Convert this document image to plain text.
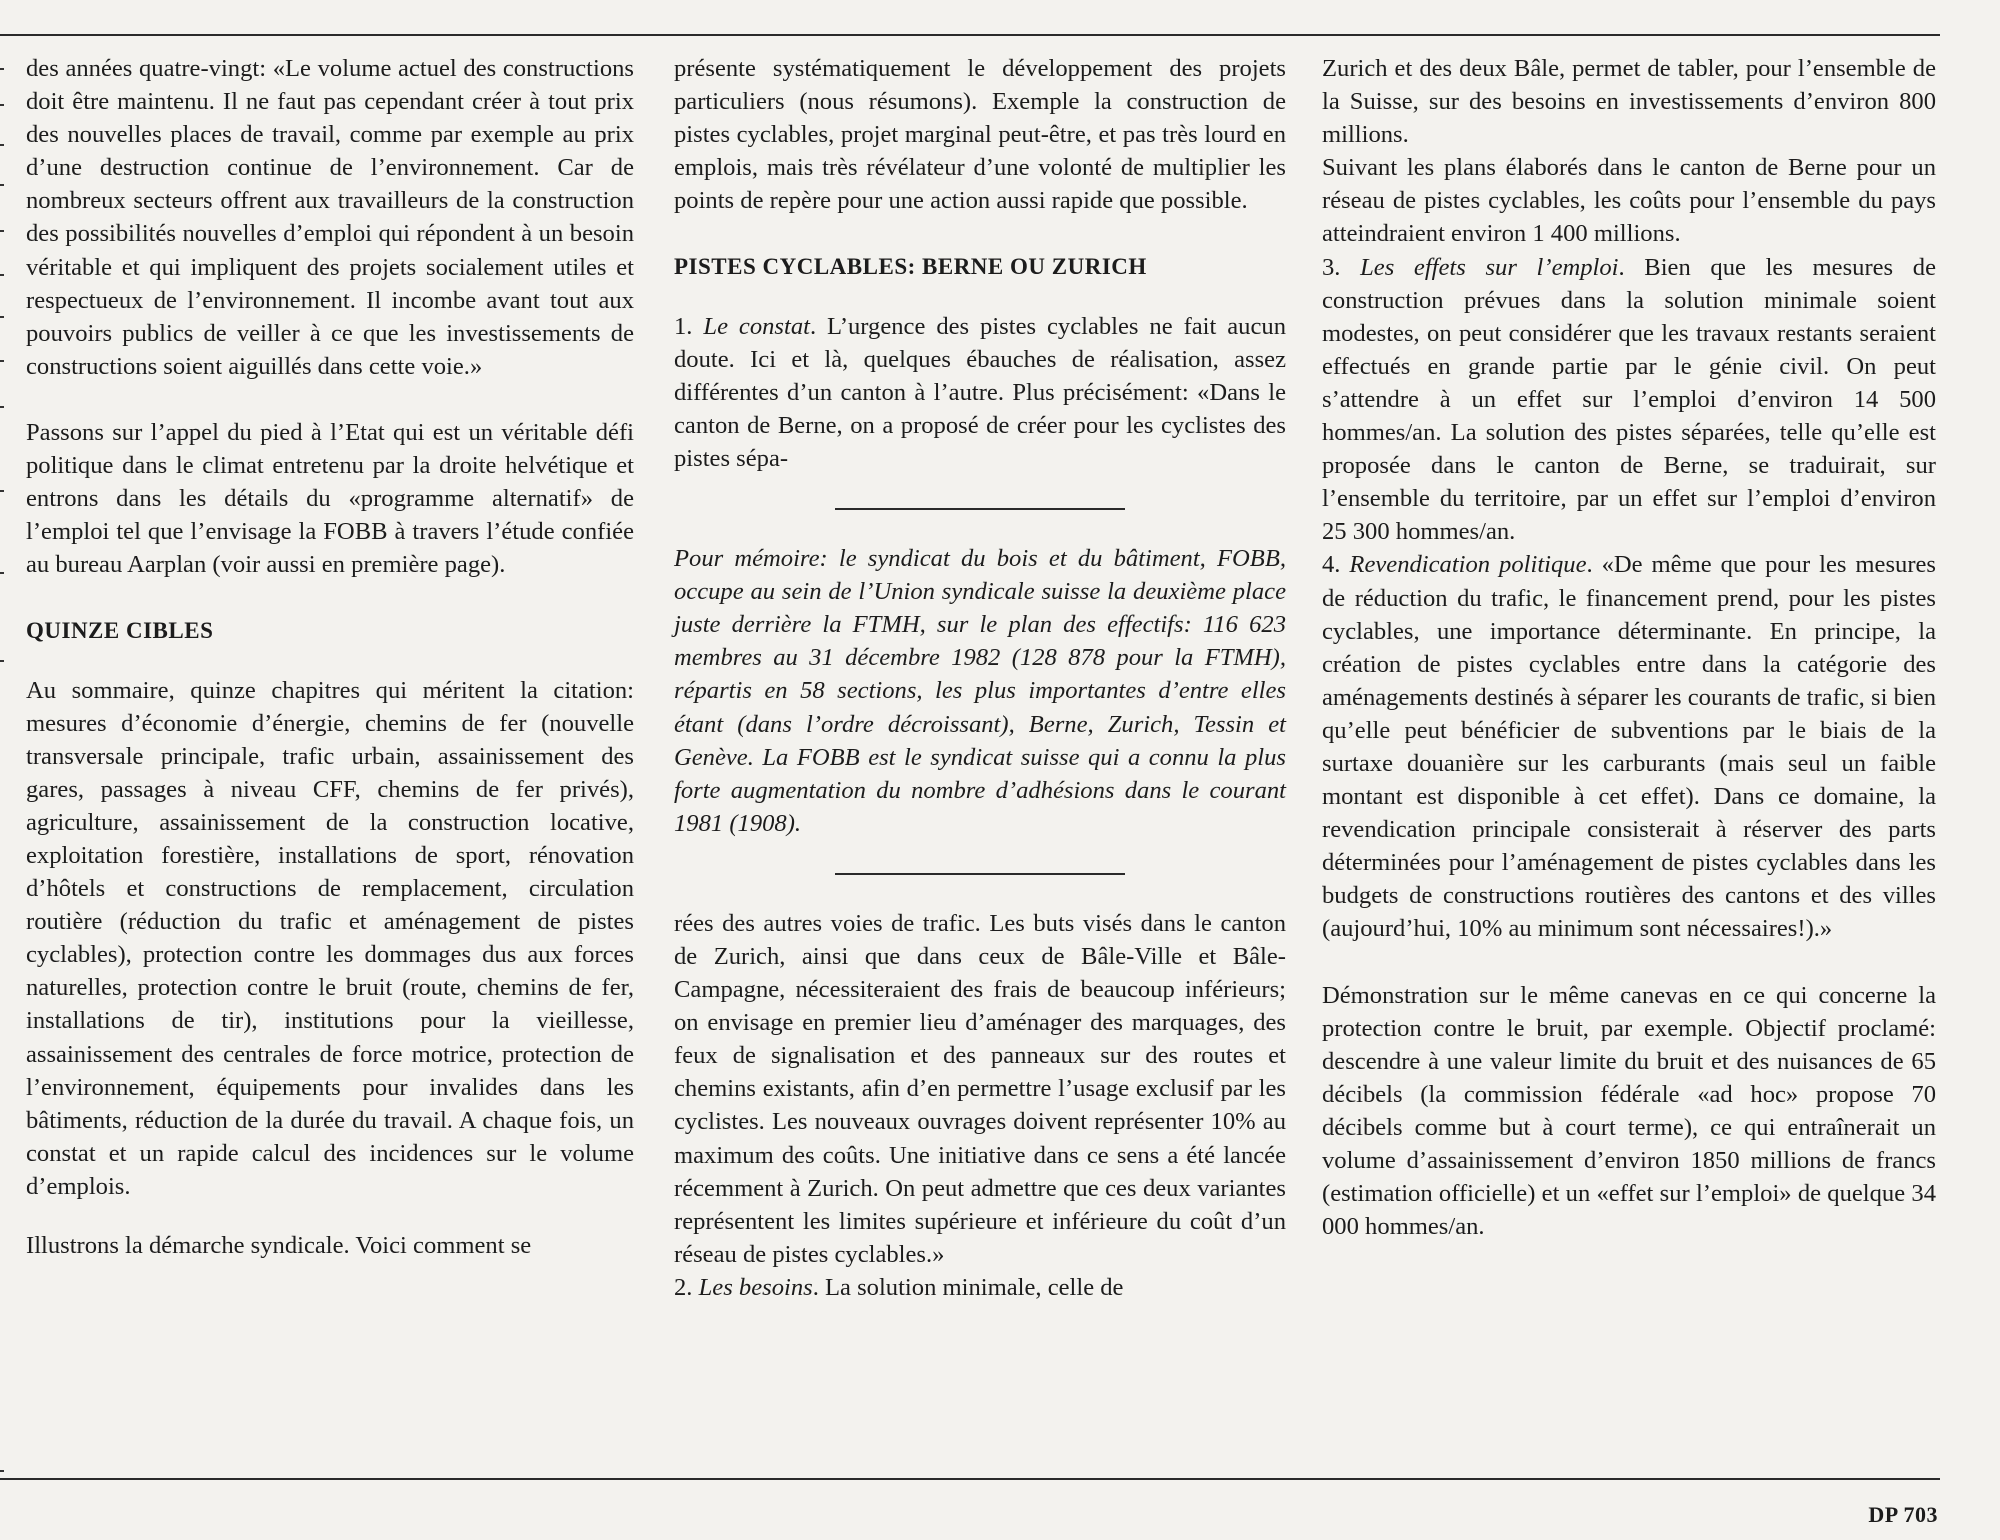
des années quatre-vingt: «Le volume actuel des constructions doit être maintenu. Il ne faut pas cependant créer à tout prix des nouvelles places de travail, comme par exemple au prix d’une destruction continue de l’environnement. Car de nombreux secteurs offrent aux travailleurs de la construction des possibilités nouvelles d’emploi qui répondent à un besoin véritable et qui impliquent des projets socialement utiles et respectueux de l’environnement. Il incombe avant tout aux pouvoirs publics de veiller à ce que les investissements de constructions soient aiguillés dans cette voie.»

Passons sur l’appel du pied à l’Etat qui est un véritable défi politique dans le climat entretenu par la droite helvétique et entrons dans les détails du «programme alternatif» de l’emploi tel que l’envisage la FOBB à travers l’étude confiée au bureau Aarplan (voir aussi en première page).

QUINZE CIBLES

Au sommaire, quinze chapitres qui méritent la citation: mesures d’économie d’énergie, chemins de fer (nouvelle transversale principale, trafic urbain, assainissement des gares, passages à niveau CFF, chemins de fer privés), agriculture, assainissement de la construction locative, exploitation forestière, installations de sport, rénovation d’hôtels et constructions de remplacement, circulation routière (réduction du trafic et aménagement de pistes cyclables), protection contre les dommages dus aux forces naturelles, protection contre le bruit (route, chemins de fer, installations de tir), institutions pour la vieillesse, assainissement des centrales de force motrice, protection de l’environnement, équipements pour invalides dans les bâtiments, réduction de la durée du travail. A chaque fois, un constat et un rapide calcul des incidences sur le volume d’emplois.

Illustrons la démarche syndicale. Voici comment se

présente systématiquement le développement des projets particuliers (nous résumons). Exemple la construction de pistes cyclables, projet marginal peut-être, et pas très lourd en emplois, mais très révélateur d’une volonté de multiplier les points de repère pour une action aussi rapide que possible.

PISTES CYCLABLES: BERNE OU ZURICH

1. Le constat. L’urgence des pistes cyclables ne fait aucun doute. Ici et là, quelques ébauches de réalisation, assez différentes d’un canton à l’autre. Plus précisément: «Dans le canton de Berne, on a proposé de créer pour les cyclistes des pistes sépa-

Pour mémoire: le syndicat du bois et du bâtiment, FOBB, occupe au sein de l’Union syndicale suisse la deuxième place juste derrière la FTMH, sur le plan des effectifs: 116 623 membres au 31 décembre 1982 (128 878 pour la FTMH), répartis en 58 sections, les plus importantes d’entre elles étant (dans l’ordre décroissant), Berne, Zurich, Tessin et Genève. La FOBB est le syndicat suisse qui a connu la plus forte augmentation du nombre d’adhésions dans le courant 1981 (1908).

rées des autres voies de trafic. Les buts visés dans le canton de Zurich, ainsi que dans ceux de Bâle-Ville et Bâle-Campagne, nécessiteraient des frais de beaucoup inférieurs; on envisage en premier lieu d’aménager des marquages, des feux de signalisation et des panneaux sur des routes et chemins existants, afin d’en permettre l’usage exclusif par les cyclistes. Les nouveaux ouvrages doivent représenter 10% au maximum des coûts. Une initiative dans ce sens a été lancée récemment à Zurich. On peut admettre que ces deux variantes représentent les limites supérieure et inférieure du coût d’un réseau de pistes cyclables.»

2. Les besoins. La solution minimale, celle de

Zurich et des deux Bâle, permet de tabler, pour l’ensemble de la Suisse, sur des besoins en investissements d’environ 800 millions.

Suivant les plans élaborés dans le canton de Berne pour un réseau de pistes cyclables, les coûts pour l’ensemble du pays atteindraient environ 1 400 millions.

3. Les effets sur l’emploi. Bien que les mesures de construction prévues dans la solution minimale soient modestes, on peut considérer que les travaux restants seraient effectués en grande partie par le génie civil. On peut s’attendre à un effet sur l’emploi d’environ 14 500 hommes/an. La solution des pistes séparées, telle qu’elle est proposée dans le canton de Berne, se traduirait, sur l’ensemble du territoire, par un effet sur l’emploi d’environ 25 300 hommes/an.

4. Revendication politique. «De même que pour les mesures de réduction du trafic, le financement prend, pour les pistes cyclables, une importance déterminante. En principe, la création de pistes cyclables entre dans la catégorie des aménagements destinés à séparer les courants de trafic, si bien qu’elle peut bénéficier de subventions par le biais de la surtaxe douanière sur les carburants (mais seul un faible montant est disponible à cet effet). Dans ce domaine, la revendication principale consisterait à réserver des parts déterminées pour l’aménagement de pistes cyclables dans les budgets de constructions routières des cantons et des villes (aujourd’hui, 10% au minimum sont nécessaires!).»

Démonstration sur le même canevas en ce qui concerne la protection contre le bruit, par exemple. Objectif proclamé: descendre à une valeur limite du bruit et des nuisances de 65 décibels (la commission fédérale «ad hoc» propose 70 décibels comme but à court terme), ce qui entraînerait un volume d’assainissement d’environ 1850 millions de francs (estimation officielle) et un «effet sur l’emploi» de quelque 34 000 hommes/an.

DP 703
